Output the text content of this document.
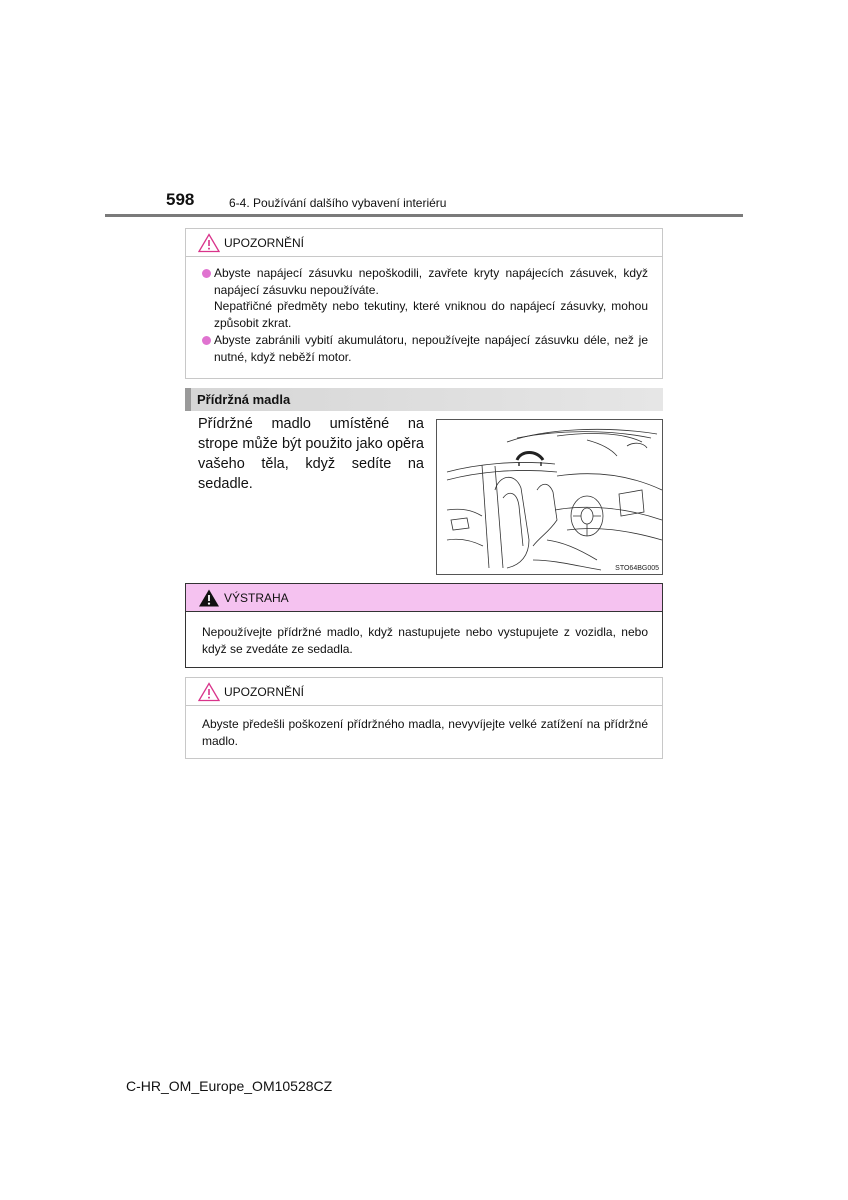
598	6-4. Používání dalšího vybavení interiéru
UPOZORNĚNÍ
Abyste napájecí zásuvku nepoškodili, zavřete kryty napájecích zásuvek, když napájecí zásuvku nepoužíváte.
Nepatřičné předměty nebo tekutiny, které vniknou do napájecí zásuvky, mohou způsobit zkrat.
Abyste zabránili vybití akumulátoru, nepoužívejte napájecí zásuvku déle, než je nutné, když neběží motor.
Přídržná madla
Přídržné madlo umístěné na strope může být použito jako opěra vašeho těla, když sedíte na sedadle.
STO64BG005
VÝSTRAHA
Nepoužívejte přídržné madlo, když nastupujete nebo vystupujete z vozidla, nebo když se zvedáte ze sedadla.
UPOZORNĚNÍ
Abyste předešli poškození přídržného madla, nevyvíjejte velké zatížení na přídržné madlo.
C-HR_OM_Europe_OM10528CZ
